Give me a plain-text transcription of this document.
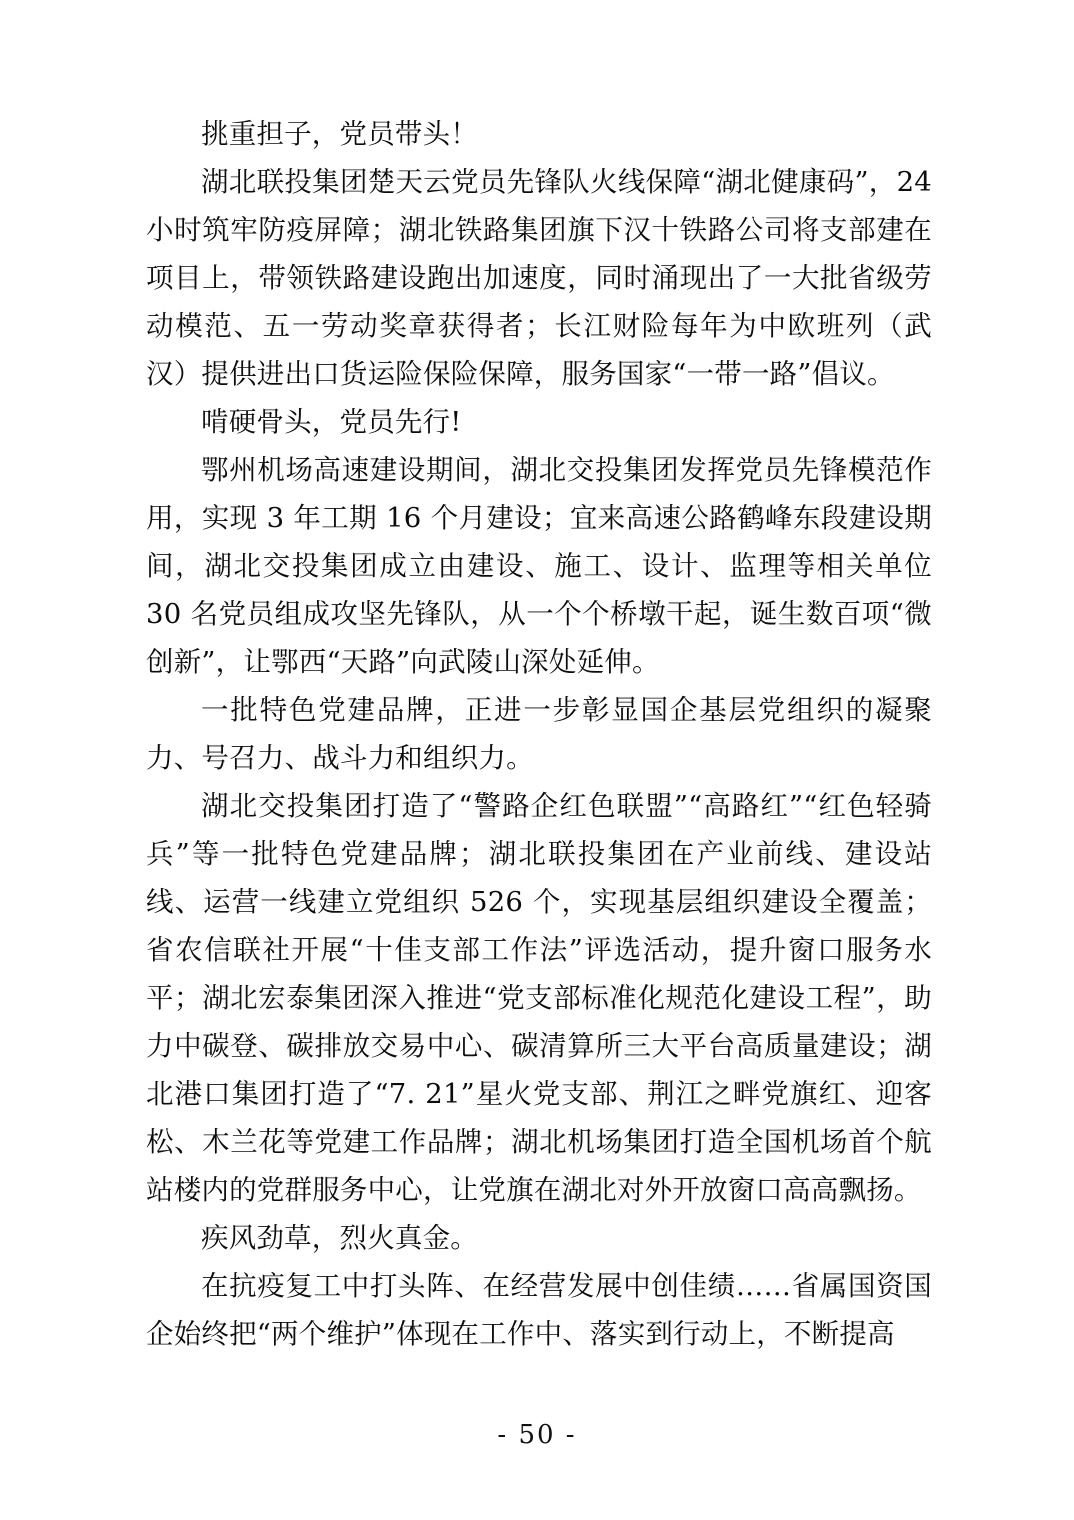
挑重担子，党员带头！

湖北联投集团楚天云党员先锋队火线保障“湖北健康码”，24 小时筑牢防疫屏障；湖北铁路集团旗下汉十铁路公司将支部建在项目上，带领铁路建设跑出加速度，同时涌现出了一大批省级劳动模范、五一劳动奖章获得者；长江财险每年为中欧班列（武汉）提供进出口货运险保险保障，服务国家“一带一路”倡议。

啃硬骨头，党员先行!

鄂州机场高速建设期间，湖北交投集团发挥党员先锋模范作用，实现 3 年工期 16 个月建设；宜来高速公路鹤峰东段建设期间，湖北交投集团成立由建设、施工、设计、监理等相关单位 30 名党员组成攻坚先锋队，从一个个桥墩干起，诞生数百项“微创新”，让鄂西“天路”向武陵山深处延伸。

一批特色党建品牌，正进一步彰显国企基层党组织的凝聚力、号召力、战斗力和组织力。

湖北交投集团打造了“警路企红色联盟”“高路红”“红色轻骑兵”等一批特色党建品牌；湖北联投集团在产业前线、建设站线、运营一线建立党组织 526 个，实现基层组织建设全覆盖；省农信联社开展“十佳支部工作法”评选活动，提升窗口服务水平；湖北宏泰集团深入推进“党支部标准化规范化建设工程”，助力中碳登、碳排放交易中心、碳清算所三大平台高质量建设；湖北港口集团打造了“7. 21”星火党支部、荆江之畔党旗红、迎客松、木兰花等党建工作品牌；湖北机场集团打造全国机场首个航站楼内的党群服务中心，让党旗在湖北对外开放窗口高高飘扬。

疾风劲草，烈火真金。

在抗疫复工中打头阵、在经营发展中创佳绩……省属国资国企始终把“两个维护”体现在工作中、落实到行动上，不断提高

- 50 -
